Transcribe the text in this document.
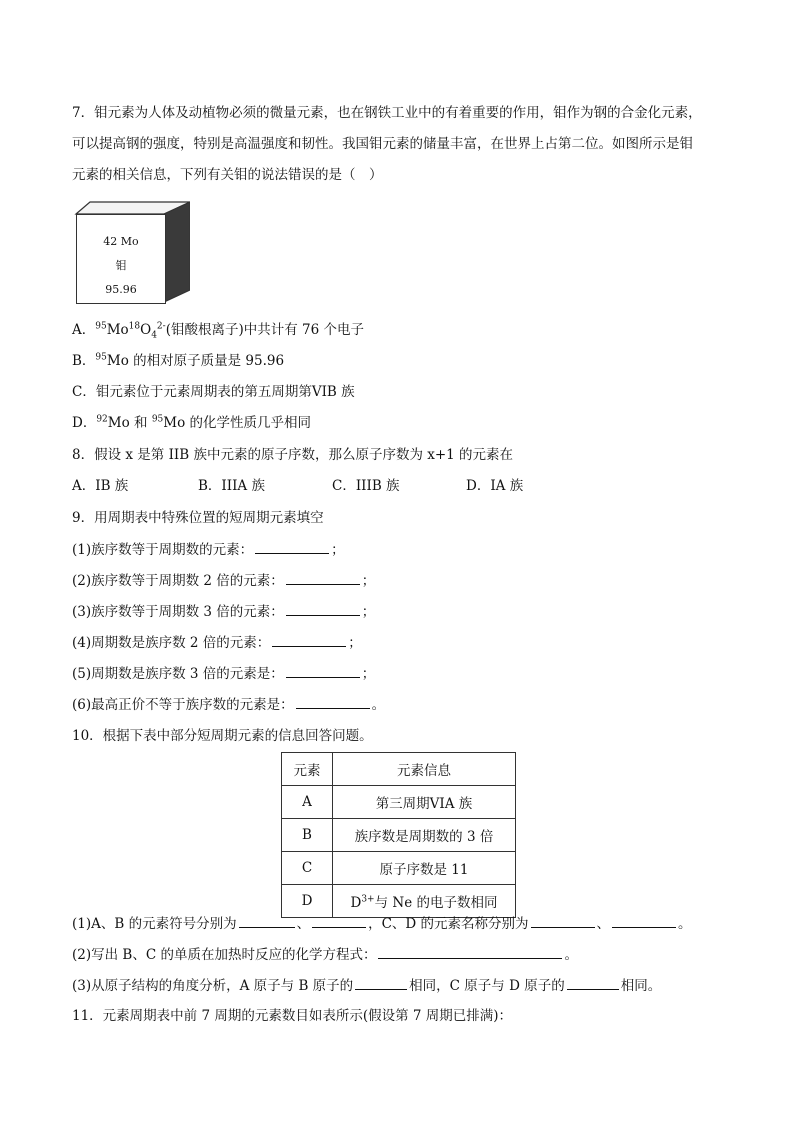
7．钼元素为人体及动植物必须的微量元素，也在钢铁工业中的有着重要的作用，钼作为钢的合金化元素，
可以提高钢的强度，特别是高温强度和韧性。我国钼元素的储量丰富，在世界上占第二位。如图所示是钼
元素的相关信息，下列有关钼的说法错误的是（　）
42 Mo
钼
95.96
A．$^{95}Mo^{18}O_4^{2-}$(钼酸根离子)中共计有 76 个电子
B．$^{95}$Mo 的相对原子质量是 95.96
C．钼元素位于元素周期表的第五周期第VIB 族
D．$^{92}$Mo 和 $^{95}$Mo 的化学性质几乎相同
8．假设 x 是第 IIB 族中元素的原子序数，那么原子序数为 x+1 的元素在
A．IB 族	B．IIIA 族	C．IIIB 族	D．IA 族
9．用周期表中特殊位置的短周期元素填空
(1)族序数等于周期数的元素：	；
(2)族序数等于周期数 2 倍的元素：	；
(3)族序数等于周期数 3 倍的元素：	；
(4)周期数是族序数 2 倍的元素：	；
(5)周期数是族序数 3 倍的元素是：	；
(6)最高正价不等于族序数的元素是：	。
10．根据下表中部分短周期元素的信息回答问题。
元素	元素信息
A	第三周期VIA 族
B	族序数是周期数的 3 倍
C	原子序数是 11
D	$D^{3+}$与 Ne 的电子数相同
(1)A、B 的元素符号分别为	、	，C、D 的元素名称分别为	、	。
(2)写出 B、C 的单质在加热时反应的化学方程式：	。
(3)从原子结构的角度分析，A 原子与 B 原子的	相同，C 原子与 D 原子的	相同。
11．元素周期表中前 7 周期的元素数目如表所示(假设第 7 周期已排满)：
